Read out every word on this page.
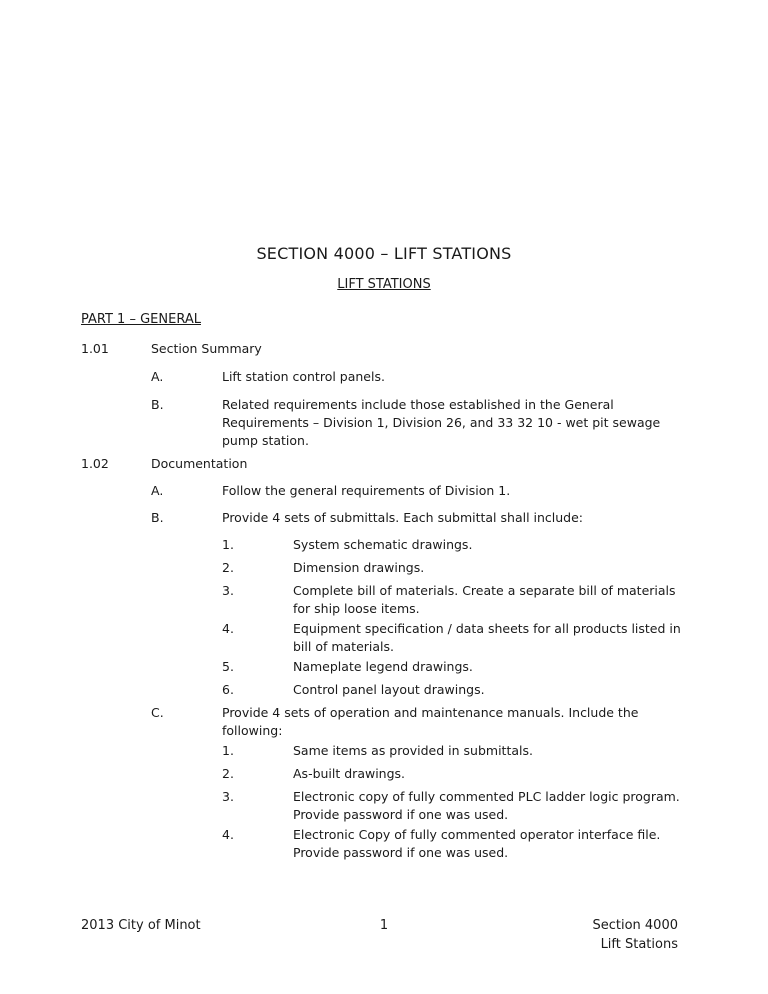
SECTION 4000 – LIFT STATIONS
LIFT STATIONS
PART 1 – GENERAL
1.01	Section Summary
A.	Lift station control panels.
B.	Related requirements include those established in the General Requirements – Division 1, Division 26, and 33 32 10 - wet pit sewage pump station.
1.02	Documentation
A.	Follow the general requirements of Division 1.
B.	Provide 4 sets of submittals. Each submittal shall include:
1.	System schematic drawings.
2.	Dimension drawings.
3.	Complete bill of materials. Create a separate bill of materials for ship loose items.
4.	Equipment specification / data sheets for all products listed in bill of materials.
5.	Nameplate legend drawings.
6.	Control panel layout drawings.
C.	Provide 4 sets of operation and maintenance manuals. Include the following:
2013 City of Minot	1	Section 4000
Lift Stations
1.	Same items as provided in submittals.
2.	As-built drawings.
3.	Electronic copy of fully commented PLC ladder logic program. Provide password if one was used.
4.	Electronic Copy of fully commented operator interface file. Provide password if one was used.
